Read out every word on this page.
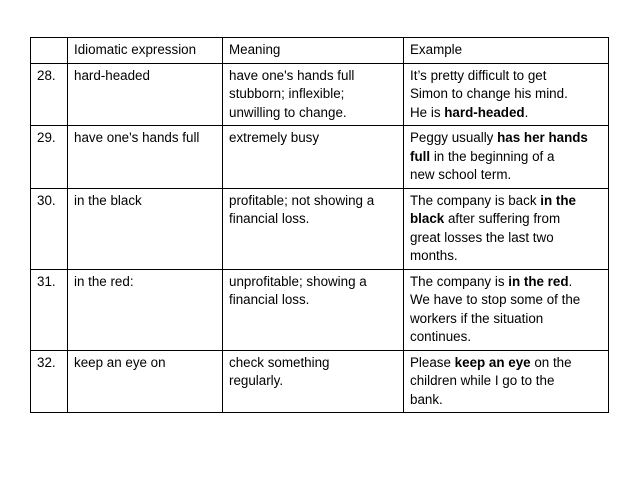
	Idiomatic expression	Meaning	Example
28.	hard-headed	have one's hands full
stubborn; inflexible;
unwilling to change.	It’s pretty difficult to get
Simon to change his mind.
He is hard-headed.

29.	have one's hands full	extremely busy	Peggy usually has her hands
full in the beginning of a
new school term.

30.	in the black	profitable; not showing a
financial loss.	The company is back in the
black after suffering from
great losses the last two
months.

31.	in the red:	unprofitable; showing a
financial loss.	The company is in the red.
We have to stop some of the
workers if the situation
continues.

32.	keep an eye on	check something
regularly.	Please keep an eye on the
children while I go to the
bank.
